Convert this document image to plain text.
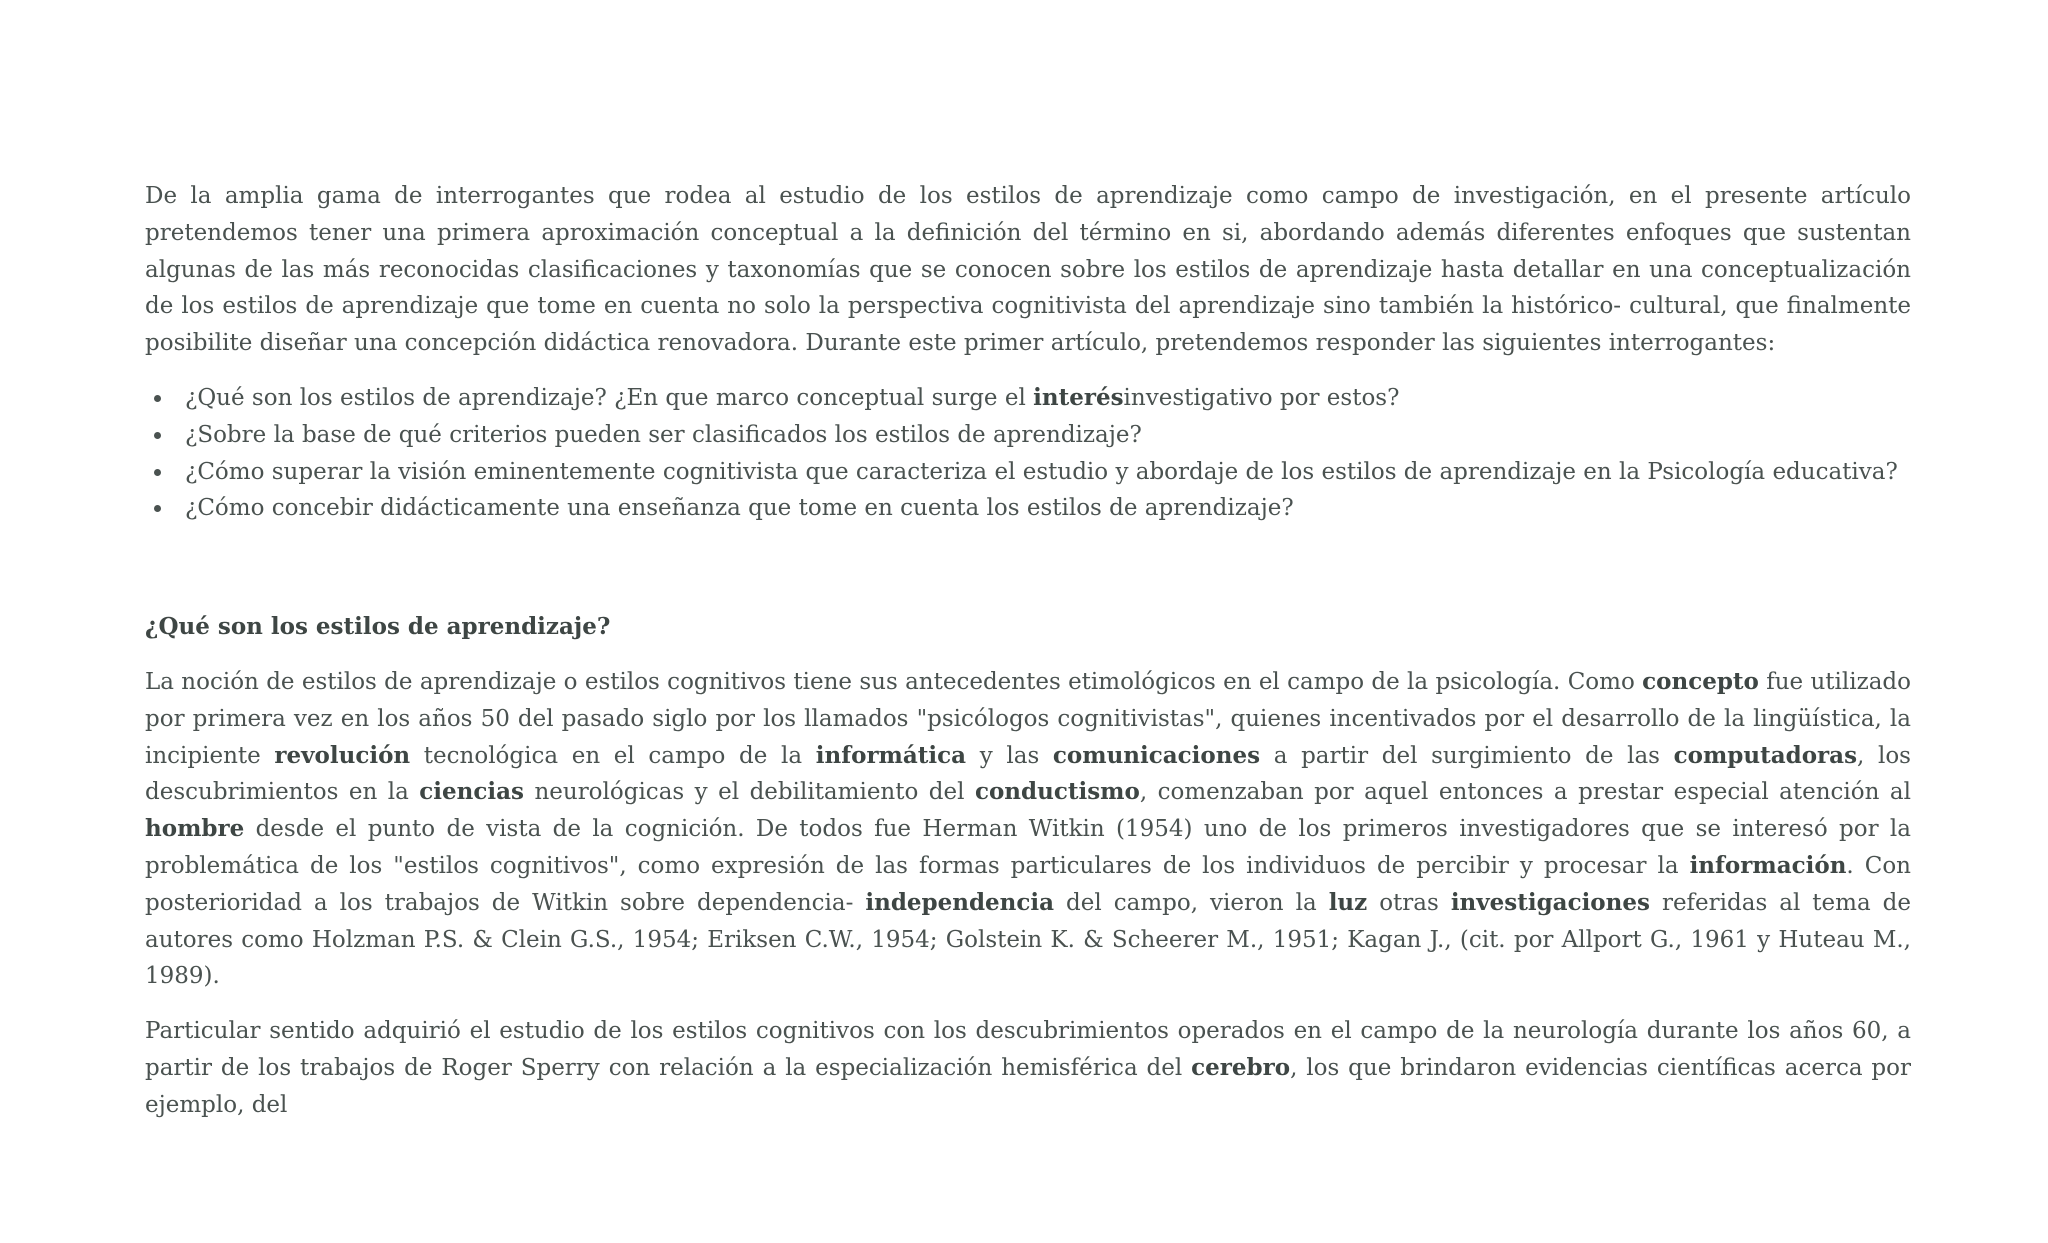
De la amplia gama de interrogantes que rodea al estudio de los estilos de aprendizaje como campo de investigación, en el presente artículo pretendemos tener una primera aproximación conceptual a la definición del término en si, abordando además diferentes enfoques que sustentan algunas de las más reconocidas clasificaciones y taxonomías que se conocen sobre los estilos de aprendizaje hasta detallar en una conceptualización de los estilos de aprendizaje que tome en cuenta no solo la perspectiva cognitivista del aprendizaje sino también la histórico- cultural, que finalmente posibilite diseñar una concepción didáctica renovadora. Durante este primer artículo, pretendemos responder las siguientes interrogantes:

¿Qué son los estilos de aprendizaje? ¿En que marco conceptual surge el interésinvestigativo por estos?
¿Sobre la base de qué criterios pueden ser clasificados los estilos de aprendizaje?
¿Cómo superar la visión eminentemente cognitivista que caracteriza el estudio y abordaje de los estilos de aprendizaje en la Psicología educativa?
¿Cómo concebir didácticamente una enseñanza que tome en cuenta los estilos de aprendizaje?
¿Qué son los estilos de aprendizaje?

La noción de estilos de aprendizaje o estilos cognitivos tiene sus antecedentes etimológicos en el campo de la psicología. Como concepto fue utilizado por primera vez en los años 50 del pasado siglo por los llamados "psicólogos cognitivistas", quienes incentivados por el desarrollo de la lingüística, la incipiente revolución tecnológica en el campo de la informática y las comunicaciones a partir del surgimiento de las computadoras, los descubrimientos en la ciencias neurológicas y el debilitamiento del conductismo, comenzaban por aquel entonces a prestar especial atención al hombre desde el punto de vista de la cognición. De todos fue Herman Witkin (1954) uno de los primeros investigadores que se interesó por la problemática de los "estilos cognitivos", como expresión de las formas particulares de los individuos de percibir y procesar la información. Con posterioridad a los trabajos de Witkin sobre dependencia- independencia del campo, vieron la luz otras investigaciones referidas al tema de autores como Holzman P.S. & Clein G.S., 1954; Eriksen C.W., 1954; Golstein K. & Scheerer M., 1951; Kagan J., (cit. por Allport G., 1961 y Huteau M., 1989).

Particular sentido adquirió el estudio de los estilos cognitivos con los descubrimientos operados en el campo de la neurología durante los años 60, a partir de los trabajos de Roger Sperry con relación a la especialización hemisférica del cerebro, los que brindaron evidencias científicas acerca por ejemplo, del
